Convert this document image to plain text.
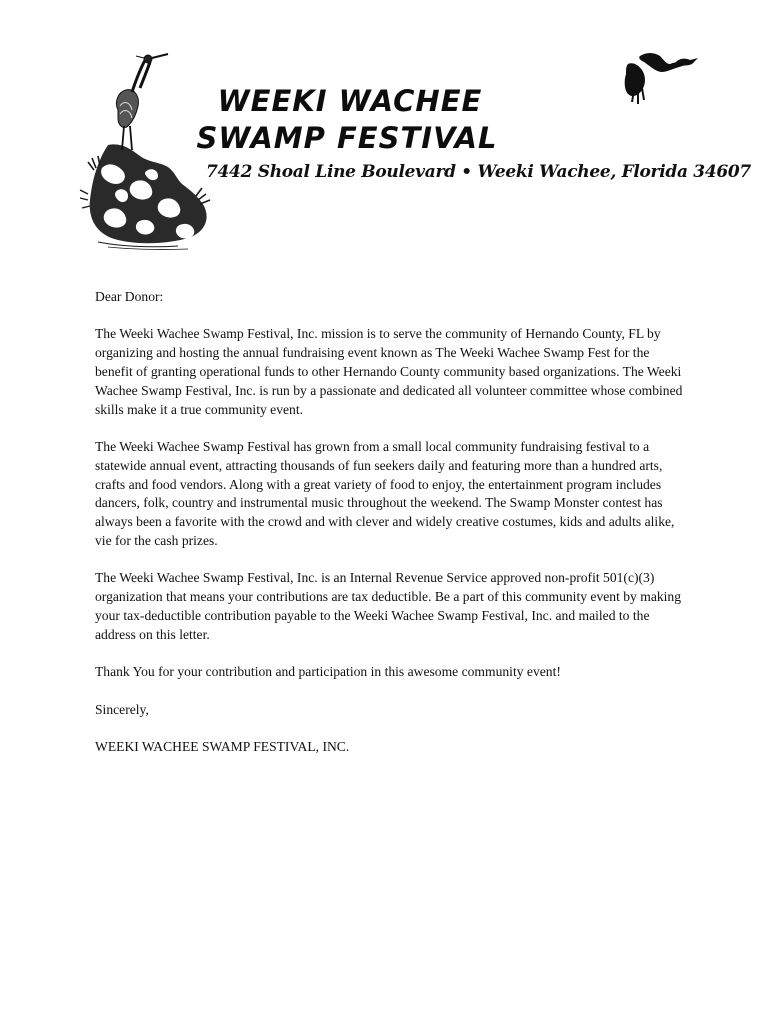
WEEKI WACHEE
SWAMP FESTIVAL
7442 Shoal Line Boulevard • Weeki Wachee, Florida 34607

Dear Donor:

The Weeki Wachee Swamp Festival, Inc. mission is to serve the community of Hernando County, FL by organizing and hosting the annual fundraising event known as The Weeki Wachee Swamp Fest for the benefit of granting operational funds to other Hernando County community based organizations. The Weeki Wachee Swamp Festival, Inc. is run by a passionate and dedicated all volunteer committee whose combined skills make it a true community event.

The Weeki Wachee Swamp Festival has grown from a small local community fundraising festival to a statewide annual event, attracting thousands of fun seekers daily and featuring more than a hundred arts, crafts and food vendors. Along with a great variety of food to enjoy, the entertainment program includes dancers, folk, country and instrumental music throughout the weekend. The Swamp Monster contest has always been a favorite with the crowd and with clever and widely creative costumes, kids and adults alike, vie for the cash prizes.

The Weeki Wachee Swamp Festival, Inc. is an Internal Revenue Service approved non-profit 501(c)(3) organization that means your contributions are tax deductible. Be a part of this community event by making your tax-deductible contribution payable to the Weeki Wachee Swamp Festival, Inc. and mailed to the address on this letter.

Thank You for your contribution and participation in this awesome community event!

Sincerely,

WEEKI WACHEE SWAMP FESTIVAL, INC.
